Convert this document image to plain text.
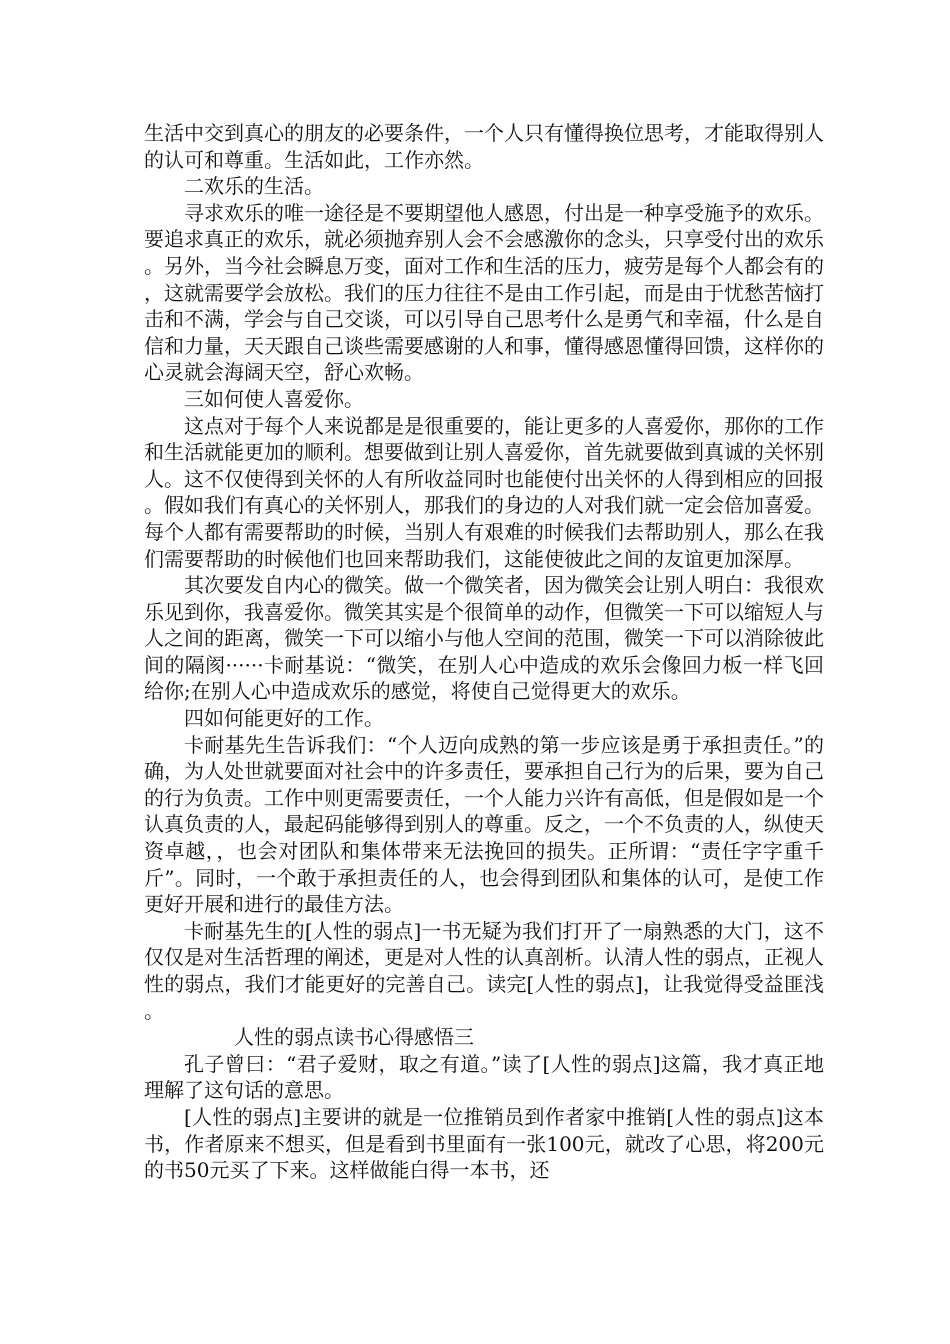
生活中交到真心的朋友的必要条件，一个人只有懂得换位思考，才能取得别人的认可和尊重。生活如此，工作亦然。

二欢乐的生活。

寻求欢乐的唯一途径是不要期望他人感恩，付出是一种享受施予的欢乐。要追求真正的欢乐，就必须抛弃别人会不会感激你的念头，只享受付出的欢乐。另外，当今社会瞬息万变，面对工作和生活的压力，疲劳是每个人都会有的，这就需要学会放松。我们的压力往往不是由工作引起，而是由于忧愁苦恼打击和不满，学会与自己交谈，可以引导自己思考什么是勇气和幸福，什么是自信和力量，天天跟自己谈些需要感谢的人和事，懂得感恩懂得回馈，这样你的心灵就会海阔天空，舒心欢畅。

三如何使人喜爱你。

这点对于每个人来说都是是很重要的，能让更多的人喜爱你，那你的工作和生活就能更加的顺利。想要做到让别人喜爱你，首先就要做到真诚的关怀别人。这不仅使得到关怀的人有所收益同时也能使付出关怀的人得到相应的回报。假如我们有真心的关怀别人，那我们的身边的人对我们就一定会倍加喜爱。每个人都有需要帮助的时候，当别人有艰难的时候我们去帮助别人，那么在我们需要帮助的时候他们也回来帮助我们，这能使彼此之间的友谊更加深厚。

其次要发自内心的微笑。做一个微笑者，因为微笑会让别人明白：我很欢乐见到你，我喜爱你。微笑其实是个很简单的动作，但微笑一下可以缩短人与人之间的距离，微笑一下可以缩小与他人空间的范围，微笑一下可以消除彼此间的隔阂······卡耐基说：“微笑，在别人心中造成的欢乐会像回力板一样飞回给你;在别人心中造成欢乐的感觉，将使自己觉得更大的欢乐。

四如何能更好的工作。

卡耐基先生告诉我们：“个人迈向成熟的第一步应该是勇于承担责任。”的确，为人处世就要面对社会中的许多责任，要承担自己行为的后果，要为自己的行为负责。工作中则更需要责任，一个人能力兴许有高低，但是假如是一个认真负责的人，最起码能够得到别人的尊重。反之，一个不负责的人，纵使天资卓越，，也会对团队和集体带来无法挽回的损失。正所谓：“责任字字重千斤”。同时，一个敢于承担责任的人，也会得到团队和集体的认可，是使工作更好开展和进行的最佳方法。

卡耐基先生的[人性的弱点]一书无疑为我们打开了一扇熟悉的大门，这不仅仅是对生活哲理的阐述，更是对人性的认真剖析。认清人性的弱点，正视人性的弱点，我们才能更好的完善自己。读完[人性的弱点]，让我觉得受益匪浅。

人性的弱点读书心得感悟三

孔子曾曰：“君子爱财，取之有道。”读了[人性的弱点]这篇，我才真正地理解了这句话的意思。

[人性的弱点]主要讲的就是一位推销员到作者家中推销[人性的弱点]这本书，作者原来不想买，但是看到书里面有一张100元，就改了心思，将200元的书50元买了下来。这样做能白得一本书，还
